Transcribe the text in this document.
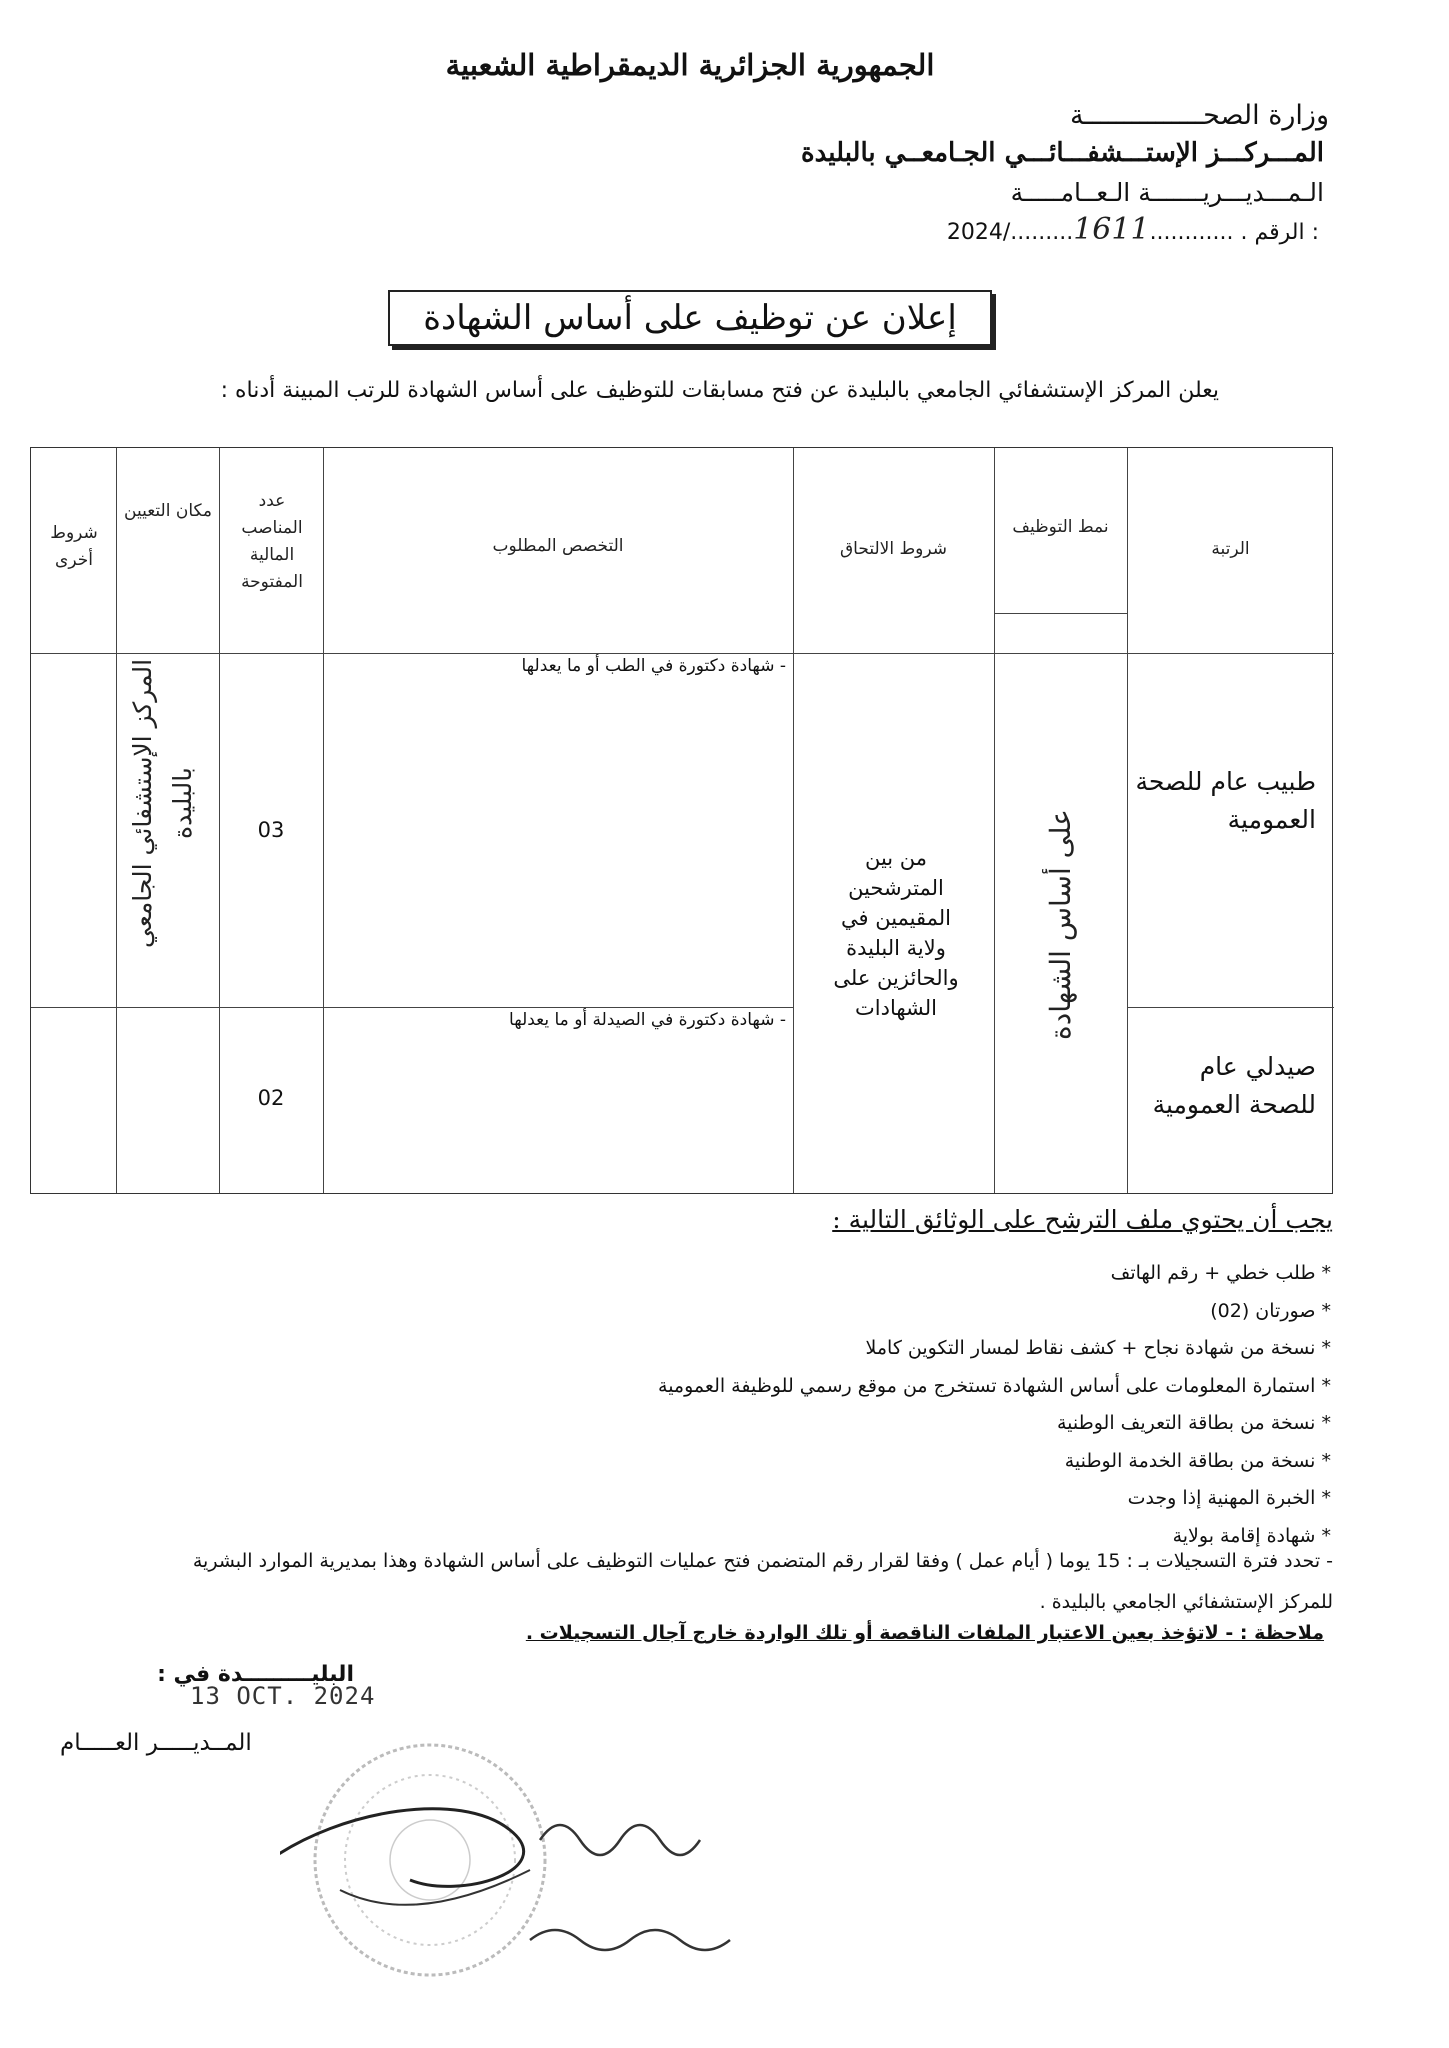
الجمهورية الجزائرية الديمقراطية الشعبية
وزارة الصحـــــــــــــــة
المـــركـــز الإستـــشفـــائـــي الجـامعــي بالبليدة
الـمـــديـــريـــــــة الـعــامـــــة
2024/.........1611............ . الرقم :
إعلان عن توظيف على أساس الشهادة
يعلن المركز الإستشفائي الجامعي بالبليدة عن فتح مسابقات للتوظيف على أساس الشهادة للرتب المبينة أدناه :
الرتبة
نمط التوظيف
شروط الالتحاق
التخصص المطلوب
عدد المناصب المالية المفتوحة
مكان التعيين
شروط أخرى
طبيب عام للصحة العمومية
- شهادة دكتورة في الطب أو ما يعدلها
03
صيدلي عام للصحة العمومية
- شهادة دكتورة في الصيدلة أو ما يعدلها
02
من بين المترشحين المقيمين في ولاية البليدة والحائزين على الشهادات	على أساس الشهادة
المركز الإستشفائي الجامعي بالبليدة
يجب أن يحتوي ملف الترشح على الوثائق التالية :
* طلب خطي + رقم الهاتف
* صورتان (02)
* نسخة من شهادة نجاح + كشف نقاط لمسار التكوين كاملا
* استمارة المعلومات على أساس الشهادة تستخرج من موقع رسمي للوظيفة العمومية
* نسخة من بطاقة التعريف الوطنية
* نسخة من بطاقة الخدمة الوطنية
* الخبرة المهنية إذا وجدت
* شهادة إقامة بولاية
- تحدد فترة التسجيلات بـ : 15 يوما ( أيام عمل ) وفقا لقرار رقم المتضمن فتح عمليات التوظيف على أساس الشهادة وهذا بمديرية الموارد البشرية
للمركز الإستشفائي الجامعي بالبليدة .
ملاحظة : - لاتؤخذ بعين الاعتبار الملفات الناقصة أو تلك الواردة خارج آجال التسجيلات .
البليـــــــــدة في :
13 OCT. 2024
المــديـــــر العـــــام
